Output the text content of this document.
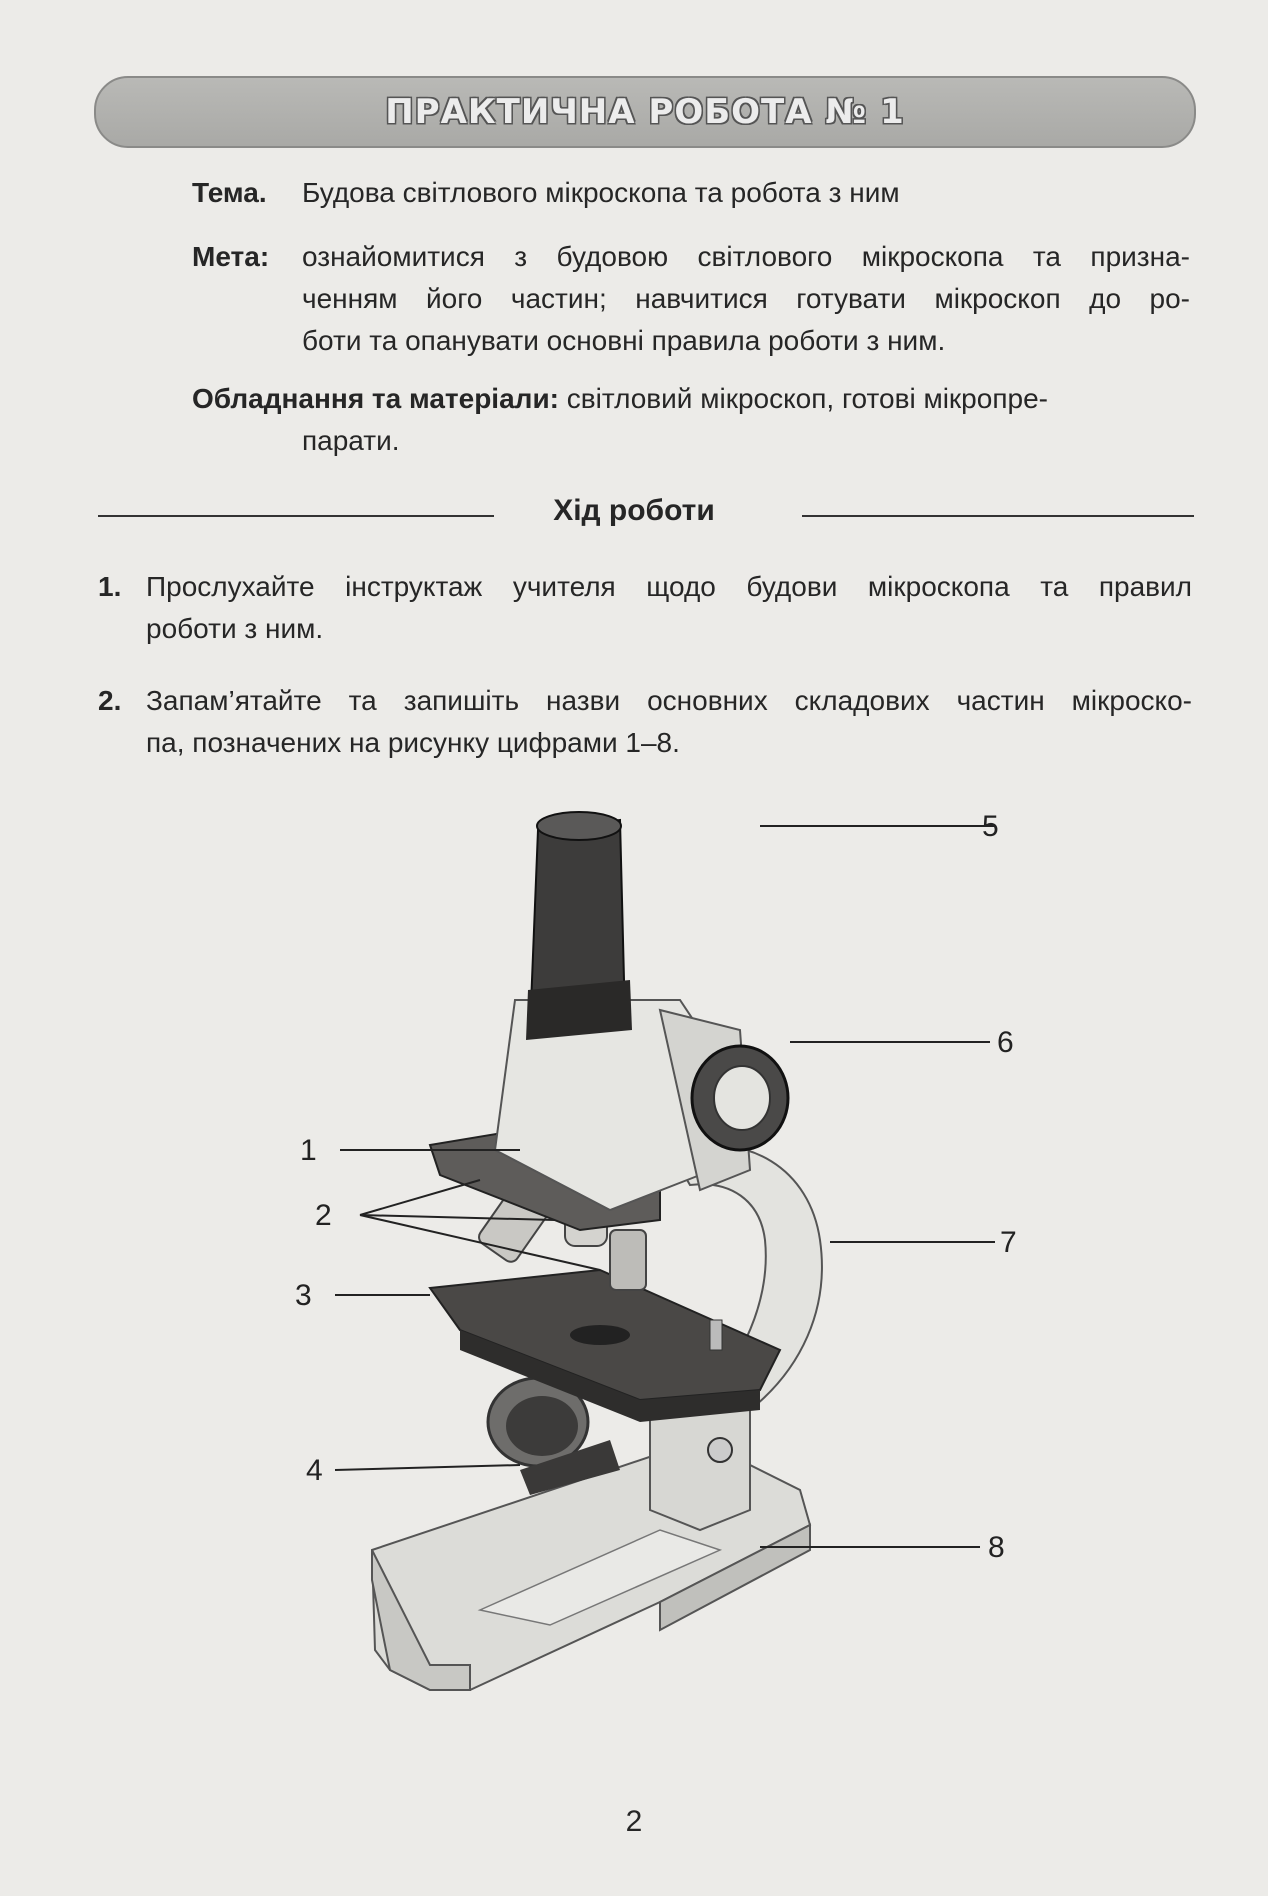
ПРАКТИЧНА РОБОТА № 1
Тема. Будова світлового мікроскопа та робота з ним
Мета: ознайомитися з будовою світлового мікроскопа та призна-
ченням його частин; навчитися готувати мікроскоп до ро-
боти та опанувати основні правила роботи з ним.
Обладнання та матеріали: світловий мікроскоп, готові мікропре-
парати.
Хід роботи
1. Прослухайте інструктаж учителя щодо будови мікроскопа та правил
роботи з ним.
2. Запам’ятайте та запишіть назви основних складових частин мікроско-
па, позначених на рисунку цифрами 1–8.
1
2
3
4
5
6
7
8
2
